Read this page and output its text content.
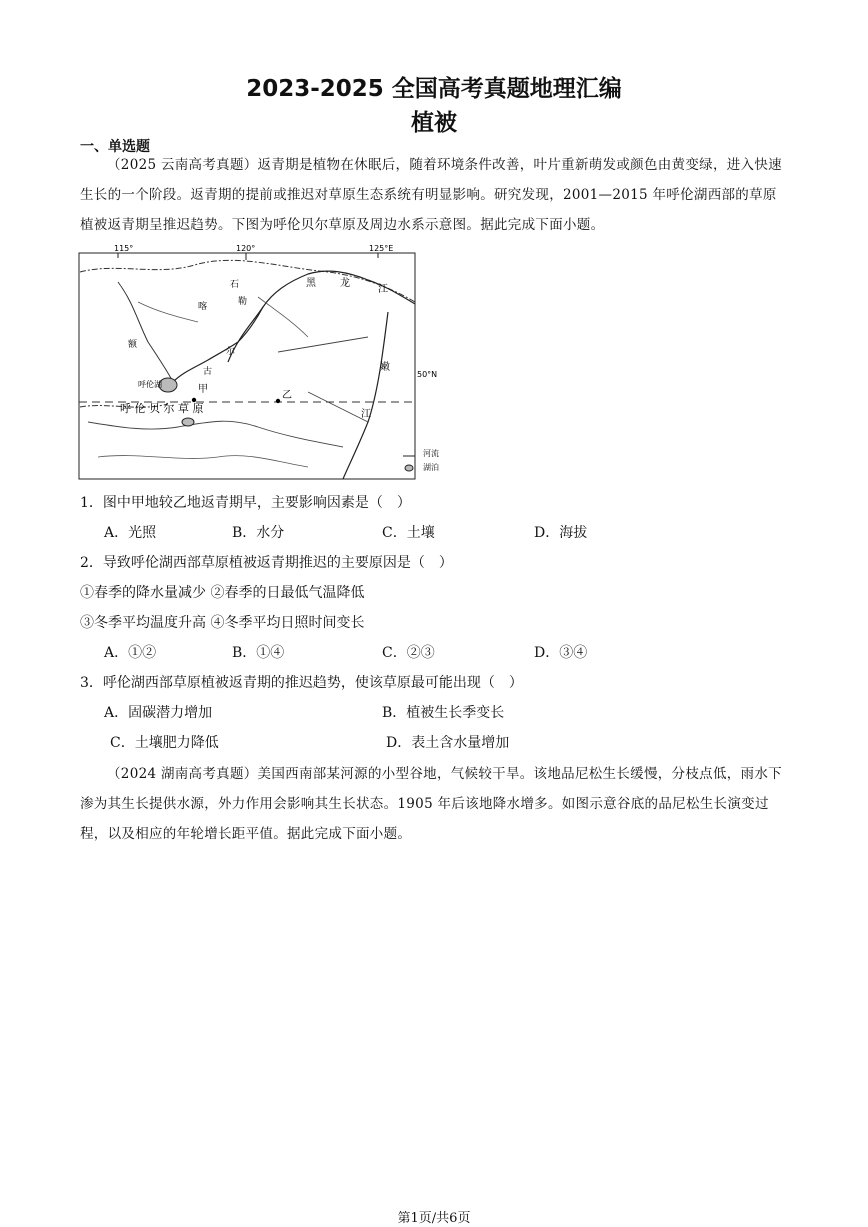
2023-2025 全国高考真题地理汇编
植被
一、单选题
（2025 云南高考真题）返青期是植物在休眠后，随着环境条件改善，叶片重新萌发或颜色由黄变绿，进入快速生长的一个阶段。返青期的提前或推迟对草原生态系统有明显影响。研究发现，2001—2015 年呼伦湖西部的草原植被返青期呈推迟趋势。下图为呼伦贝尔草原及周边水系示意图。据此完成下面小题。
115°	120°	125°E
50°N
石
勒
喀
额
尔
古
黑 龙
江
嫩
江
呼伦湖
呼 伦 贝 尔 草 原
甲
乙
河流
湖泊
1．图中甲地较乙地返青期早，主要影响因素是（　）
A．光照	B．水分	C．土壤	D．海拔
2．导致呼伦湖西部草原植被返青期推迟的主要原因是（　）
①春季的降水量减少 ②春季的日最低气温降低
③冬季平均温度升高 ④冬季平均日照时间变长
A．①②	B．①④	C．②③	D．③④
3．呼伦湖西部草原植被返青期的推迟趋势，使该草原最可能出现（　）
A．固碳潜力增加	B．植被生长季变长
C．土壤肥力降低	D．表土含水量增加
（2024 湖南高考真题）美国西南部某河源的小型谷地，气候较干旱。该地品尼松生长缓慢，分枝点低，雨水下渗为其生长提供水源，外力作用会影响其生长状态。1905 年后该地降水增多。如图示意谷底的品尼松生长演变过程，以及相应的年轮增长距平值。据此完成下面小题。
第1页/共6页
